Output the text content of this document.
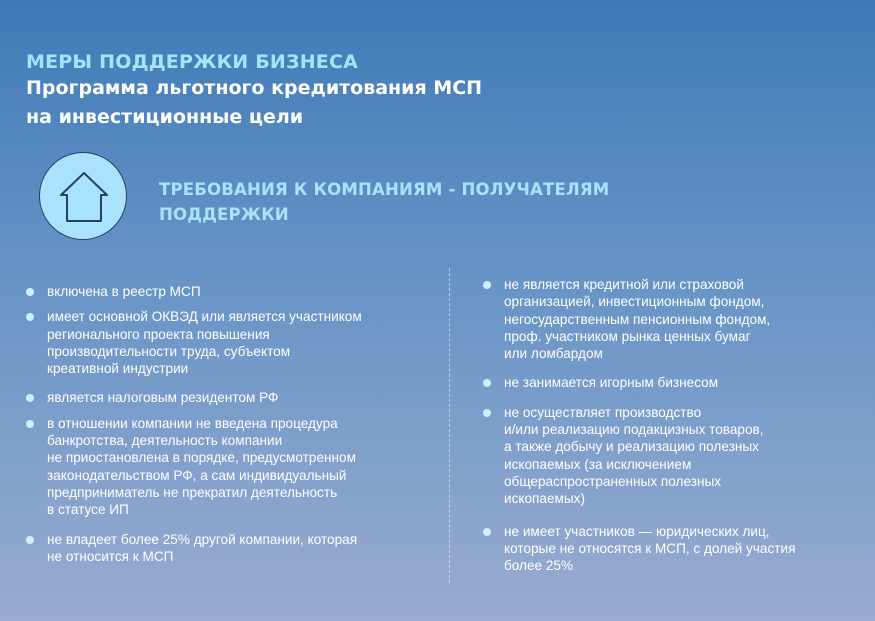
МЕРЫ ПОДДЕРЖКИ БИЗНЕСА
Программа льготного кредитования МСП
на инвестиционные цели
ТРЕБОВАНИЯ К КОМПАНИЯМ - ПОЛУЧАТЕЛЯМ
ПОДДЕРЖКИ
включена в реестр МСП
имеет основной ОКВЭД или является участником
регионального проекта повышения
производительности труда, субъектом
креативной индустрии
является налоговым резидентом РФ
в отношении компании не введена процедура
банкротства, деятельность компании
не приостановлена в порядке, предусмотренном
законодательством РФ, а сам индивидуальный
предприниматель не прекратил деятельность
в статусе ИП
не владеет более 25% другой компании, которая
не относится к МСП
не является кредитной или страховой
организацией, инвестиционным фондом,
негосударственным пенсионным фондом,
проф. участником рынка ценных бумаг
или ломбардом
не занимается игорным бизнесом
не осуществляет производство
и/или реализацию подакцизных товаров,
а также добычу и реализацию полезных
ископаемых (за исключением
общераспространенных полезных
ископаемых)
не имеет участников — юридических лиц,
которые не относятся к МСП, с долей участия
более 25%
